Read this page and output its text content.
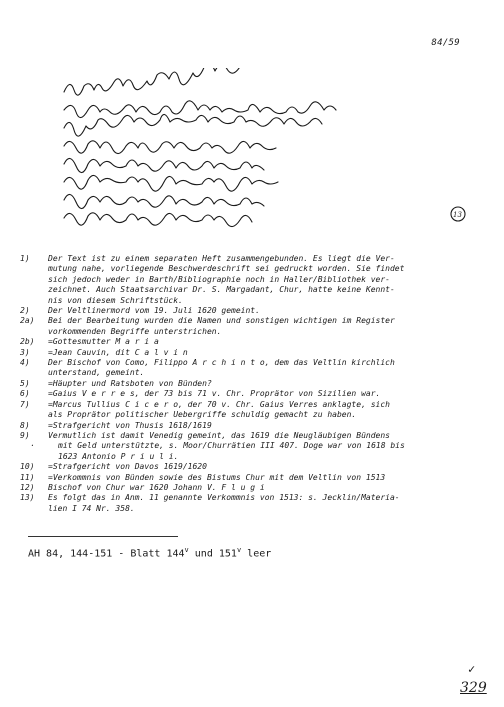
84/59
13
1)	Der Text ist zu einem separaten Heft zusammengebunden. Es liegt die Ver-
mutung nahe, vorliegende Beschwerdeschrift sei gedruckt worden. Sie findet
sich jedoch weder in Barth/Bibliographie noch in Haller/Bibliothek ver-
zeichnet. Auch Staatsarchivar Dr. S. Margadant, Chur, hatte keine Kennt-
nis von diesem Schriftstück.
2)	Der Veltlinermord vom 19. Juli 1620 gemeint.
2a)	Bei der Bearbeitung wurden die Namen und sonstigen wichtigen im Register
vorkommenden Begriffe unterstrichen.
2b)	=Gottesmutter M a r i a
3)	=Jean Cauvin, dit C a l v i n
4)	Der Bischof von Como, Filippo A r c h i n t o, dem das Veltlin kirchlich
unterstand, gemeint.
5)	=Häupter und Ratsboten von Bünden?
6)	=Gaius V e r r e s, der 73 bis 71 v. Chr. Proprätor von Sizilien war.
7)	=Marcus Tullius C i c e r o, der 70 v. Chr. Gaius Verres anklagte, sich
als Proprätor politischer Uebergriffe schuldig gemacht zu haben.
8)	=Strafgericht von Thusis 1618/1619
9)	Vermutlich ist damit Venedig gemeint, das 1619 die Neugläubigen Bündens
·	mit Geld unterstützte, s. Moor/Churrätien III 407. Doge war von 1618 bis
1623 Antonio P r i u l i.
10)	=Strafgericht von Davos 1619/1620
11)	=Verkommnis von Bünden sowie des Bistums Chur mit dem Veltlin von 1513
12)	Bischof von Chur war 1620 Johann V. F l u g i
13)	Es folgt das in Anm. 11 genannte Verkommnis von 1513: s. Jecklin/Materia-
lien I 74 Nr. 358.
AH 84, 144-151 - Blatt 144$^v$ und 151$^v$ leer
✓
329
